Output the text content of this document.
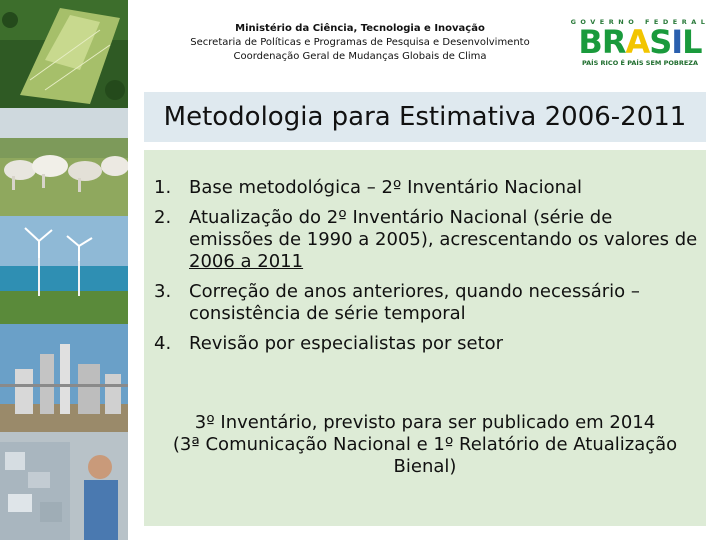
Ministério da Ciência, Tecnologia e Inovação
Secretaria de Políticas e Programas de Pesquisa e Desenvolvimento
Coordenação Geral de Mudanças Globais de Clima
GOVERNO FEDERAL
BRASIL
PAÍS RICO É PAÍS SEM POBREZA
Metodologia para Estimativa 2006-2011
1. Base metodológica – 2º Inventário Nacional
2. Atualização do 2º Inventário Nacional (série de emissões de 1990 a 2005), acrescentando os valores de 2006 a 2011
3. Correção de anos anteriores, quando necessário – consistência de série temporal
4. Revisão por especialistas por setor
3º Inventário, previsto para ser publicado em 2014
(3ª Comunicação Nacional e 1º Relatório de Atualização
Bienal)
